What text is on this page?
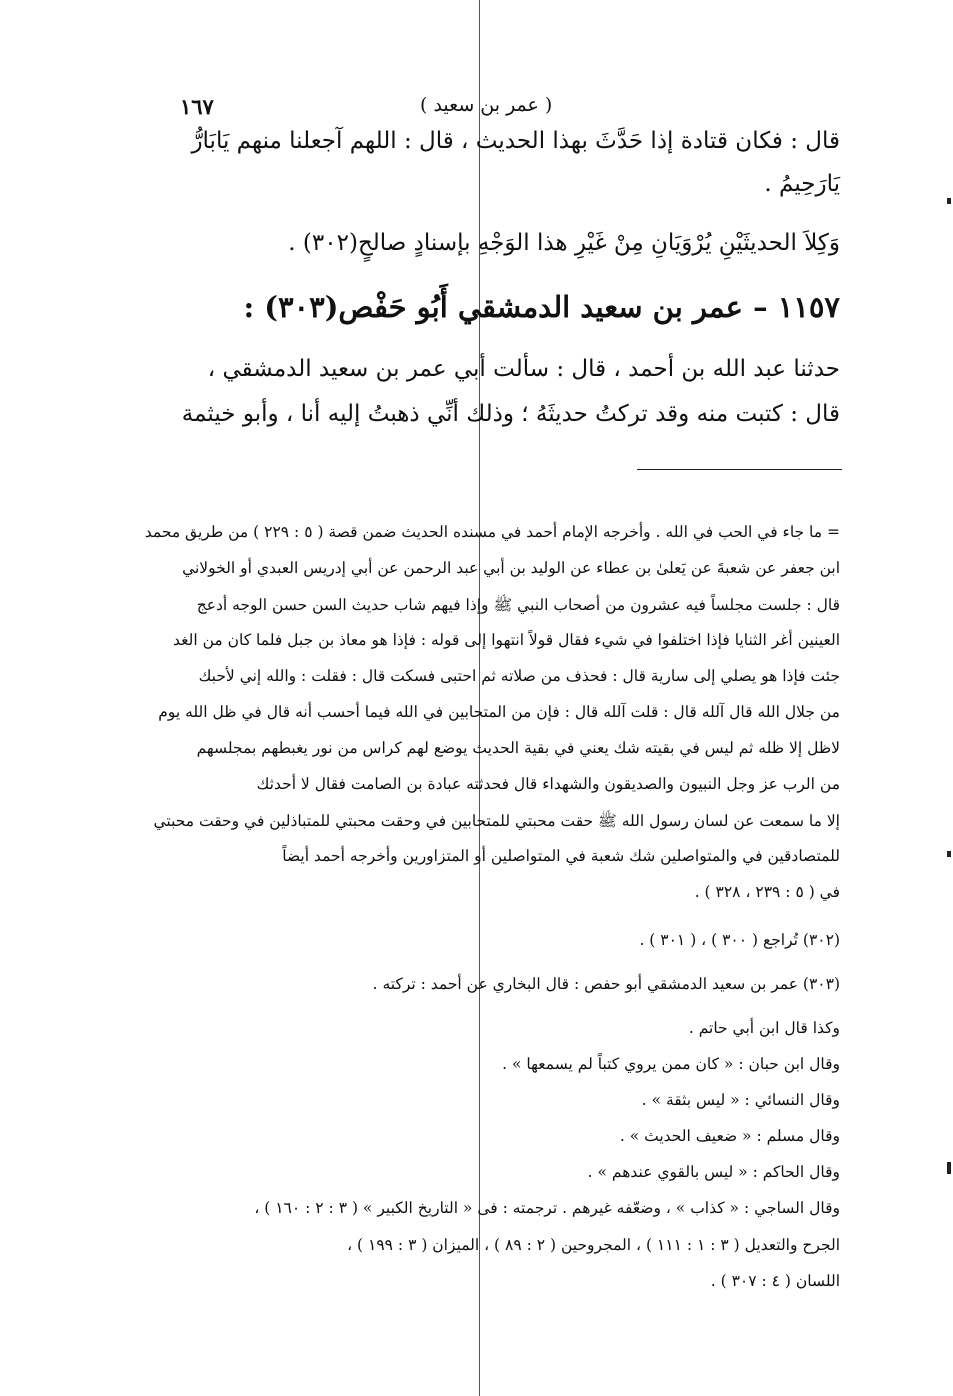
١٦٧	( عمر بن سعيد )
قال : فكان قتادة إذا حَدَّثَ بهذا الحديث ، قال : اللهم آجعلنا منهم يَابَارُّ
يَارَحِيمُ .
وَكِلاَ الحديثَيْنِ يُرْوَيَانِ مِنْ غَيْرِ هذا الوَجْهِ بإسنادٍ صالحٍ(٣٠٢) .
١١٥٧ – عمر بن سعيد الدمشقي أَبُو حَفْص(٣٠٣) :
حدثنا عبد الله بن أحمد ، قال : سألت أبي عمر بن سعيد الدمشقي ،
قال : كتبت منه وقد تركتُ حديثَهُ ؛ وذلك أنِّي ذهبتُ إليه أنا ، وأبو خيثمة
= ما جاء في الحب في الله . وأخرجه الإمام أحمد في مسنده الحديث ضمن قصة ( ٥ : ٢٢٩ ) من طريق محمد
ابن جعفر عن شعبةَ عن يَعلىٰ بن عطاء عن الوليد بن أبي عبد الرحمن عن أبي إدريس العبدي أو الخولاني
قال : جلست مجلساً فيه عشرون من أصحاب النبي ﷺ وإذا فيهم شاب حديث السن حسن الوجه أدعج
العينين أغر الثنايا فإذا اختلفوا في شيء فقال قولاً انتهوا إلى قوله : فإذا هو معاذ بن جبل فلما كان من الغد
جئت فإذا هو يصلي إلى سارية قال : فحذف من صلاته ثم احتبى فسكت قال : فقلت : والله إني لأحبك
من جلال الله قال آلله قال : قلت آلله قال : فإن من المتحابين في الله فيما أحسب أنه قال في ظل الله يوم
لاظل إلا ظله ثم ليس في بقيته شك يعني في بقية الحديث يوضع لهم كراس من نور يغبطهم بمجلسهم
من الرب عز وجل النبيون والصديقون والشهداء قال فحدثته عبادة بن الصامت فقال لا أحدثك
إلا ما سمعت عن لسان رسول الله ﷺ حقت محبتي للمتحابين في وحقت محبتي للمتباذلين في وحقت محبتي
للمتصادقين في والمتواصلين شك شعبة في المتواصلين أو المتزاورين وأخرجه أحمد أيضاً
في ( ٥ : ٢٣٩ ، ٣٢٨ ) .
(٣٠٢) تُراجع ( ٣٠٠ ) ، ( ٣٠١ ) .
(٣٠٣) عمر بن سعيد الدمشقي أبو حفص : قال البخاري عن أحمد : تركته .
وكذا قال ابن أبي حاتم .
وقال ابن حبان : « كان ممن يروي كتباً لم يسمعها » .
وقال النسائي : « ليس بثقة » .
وقال مسلم : « ضعيف الحديث » .
وقال الحاكم : « ليس بالقوي عندهم » .
وقال الساجي : « كذاب » ، وضعّفه غيرهم . ترجمته : فى « التاريخ الكبير » ( ٣ : ٢ : ١٦٠ ) ،
الجرح والتعديل ( ٣ : ١ : ١١١ ) ، المجروحين ( ٢ : ٨٩ ) ، الميزان ( ٣ : ١٩٩ ) ،
اللسان ( ٤ : ٣٠٧ ) .
